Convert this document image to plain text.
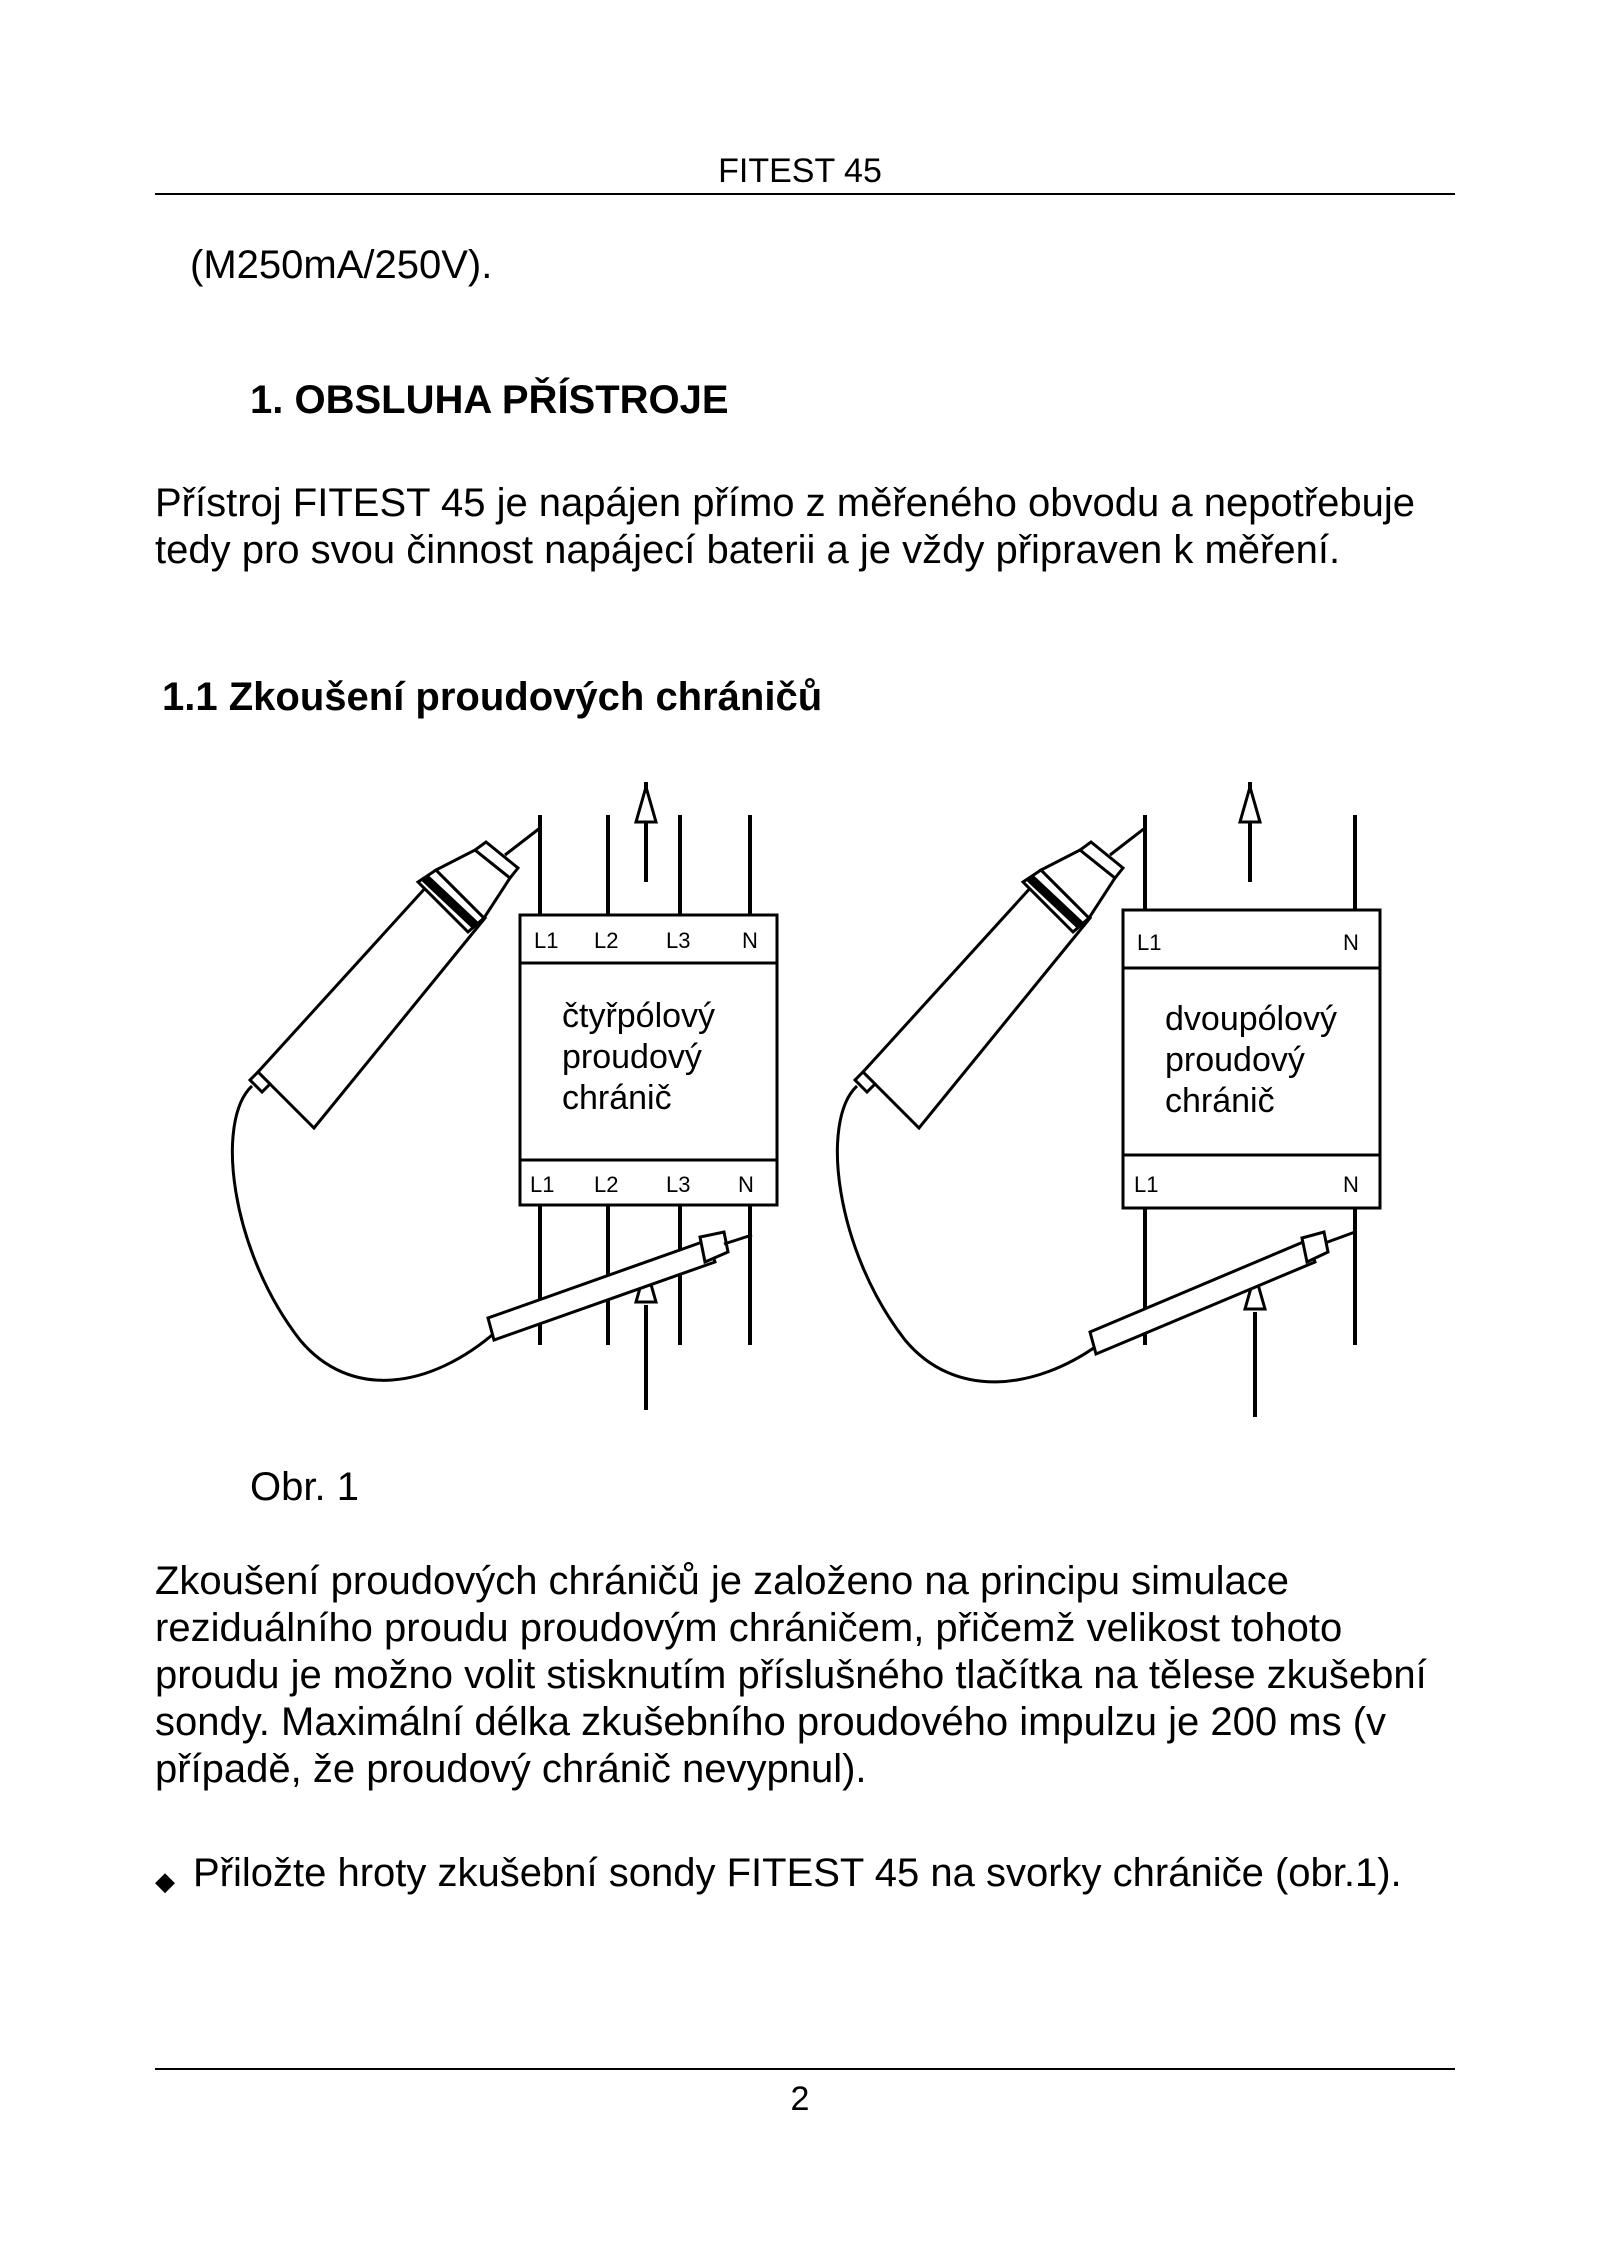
FITEST 45
(M250mA/250V).
1. OBSLUHA PŘÍSTROJE
Přístroj FITEST 45 je napájen přímo z měřeného obvodu a nepotřebuje tedy pro svou činnost napájecí baterii a je vždy připraven k měření.
1.1 Zkoušení proudových chráničů
L1 L2 L3 N
čtyřpólový
proudový
chránič
L1 L2 L3 N
L1	N
dvoupólový
proudový
chránič
L1	N
Obr. 1
Zkoušení proudových chráničů je založeno na principu simulace reziduálního proudu proudovým chráničem, přičemž velikost tohoto proudu je možno volit stisknutím příslušného tlačítka na tělese zkušební sondy. Maximální délka zkušebního proudového impulzu je 200 ms (v případě, že proudový chránič nevypnul).
◆ Přiložte hroty zkušební sondy FITEST 45 na svorky chrániče (obr.1).
2
